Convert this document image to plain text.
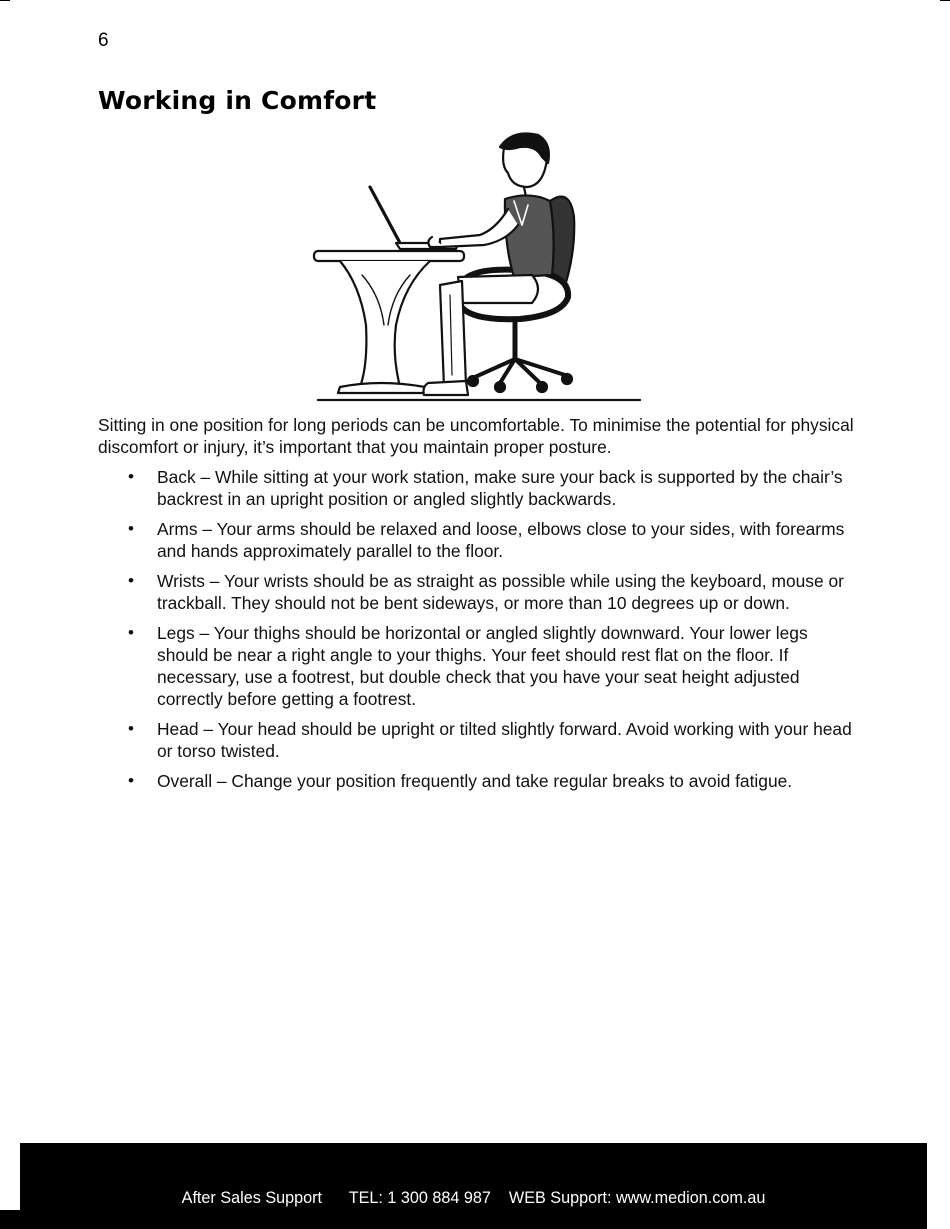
6
Working in Comfort

Sitting in one position for long periods can be uncomfortable. To minimise the potential for physical discomfort or injury, it’s important that you maintain proper posture.

• Back – While sitting at your work station, make sure your back is supported by the chair’s backrest in an upright position or angled slightly backwards.
• Arms – Your arms should be relaxed and loose, elbows close to your sides, with forearms and hands approximately parallel to the floor.
• Wrists – Your wrists should be as straight as possible while using the keyboard, mouse or trackball. They should not be bent sideways, or more than 10 degrees up or down.
• Legs – Your thighs should be horizontal or angled slightly downward. Your lower legs should be near a right angle to your thighs. Your feet should rest flat on the floor. If necessary, use a footrest, but double check that you have your seat height adjusted correctly before getting a footrest.
• Head – Your head should be upright or tilted slightly forward. Avoid working with your head or torso twisted.
• Overall – Change your position frequently and take regular breaks to avoid fatigue.
After Sales Support TEL: 1 300 884 987 WEB Support: www.medion.com.au
